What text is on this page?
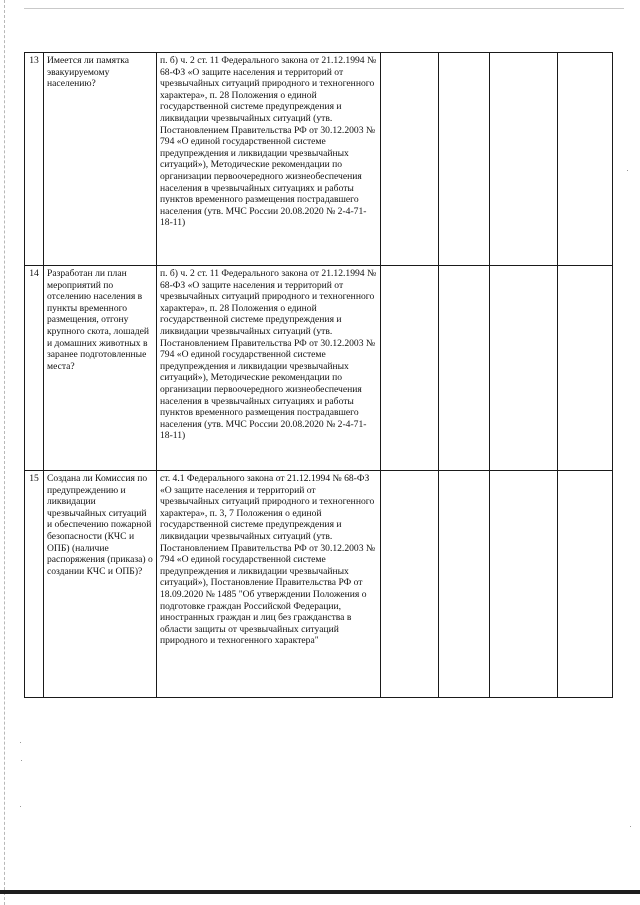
13	Имеется ли памятка эвакуируемому населению?	п. б) ч. 2 ст. 11 Федерального закона от 21.12.1994 № 68-ФЗ «О защите населения и территорий от чрезвычайных ситуаций природного и техногенного характера», п. 28 Положения о единой государственной системе предупреждения и ликвидации чрезвычайных ситуаций (утв. Постановлением Правительства РФ от 30.12.2003 № 794 «О единой государственной системе предупреждения и ликвидации чрезвычайных ситуаций»), Методические рекомендации по организации первоочередного жизнеобеспечения населения в чрезвычайных ситуациях и работы пунктов временного размещения пострадавшего населения (утв. МЧС России 20.08.2020 № 2-4-71-18-11)				
14	Разработан ли план мероприятий по отселению населения в пункты временного размещения, отгону крупного скота, лошадей и домашних животных в заранее подготовленные места?	п. б) ч. 2 ст. 11 Федерального закона от 21.12.1994 № 68-ФЗ «О защите населения и территорий от чрезвычайных ситуаций природного и техногенного характера», п. 28 Положения о единой государственной системе предупреждения и ликвидации чрезвычайных ситуаций (утв. Постановлением Правительства РФ от 30.12.2003 № 794 «О единой государственной системе предупреждения и ликвидации чрезвычайных ситуаций»), Методические рекомендации по организации первоочередного жизнеобеспечения населения в чрезвычайных ситуациях и работы пунктов временного размещения пострадавшего населения (утв. МЧС России 20.08.2020 № 2-4-71-18-11)				
15	Создана ли Комиссия по предупреждению и ликвидации чрезвычайных ситуаций и обеспечению пожарной безопасности (КЧС и ОПБ) (наличие распоряжения (приказа) о создании КЧС и ОПБ)?	ст. 4.1 Федерального закона от 21.12.1994 № 68-ФЗ «О защите населения и территорий от чрезвычайных ситуаций природного и техногенного характера», п. 3, 7 Положения о единой государственной системе предупреждения и ликвидации чрезвычайных ситуаций (утв. Постановлением Правительства РФ от 30.12.2003 № 794 «О единой государственной системе предупреждения и ликвидации чрезвычайных ситуаций»), Постановление Правительства РФ от 18.09.2020 № 1485 "Об утверждении Положения о подготовке граждан Российской Федерации, иностранных граждан и лиц без гражданства в области защиты от чрезвычайных ситуаций природного и техногенного характера"				
